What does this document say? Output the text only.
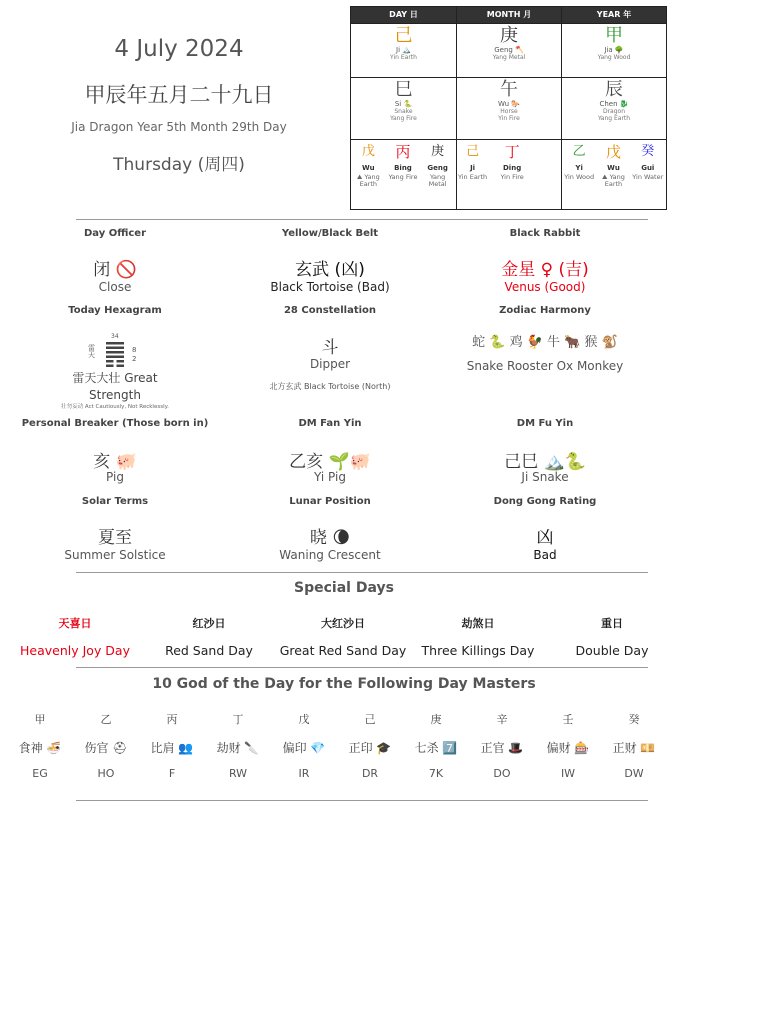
4 July 2024
甲辰年五月二十九日
Jia Dragon Year 5th Month 29th Day
Thursday (周四)
DAY 日
己
Ji 🏔️
Yin Earth
巳
Si 🐍
Snake
Yang Fire
戊
Wu
⛰ Yang Earth
丙
Bing
Yang Fire
庚
Geng
Yang Metal
MONTH 月
庚
Geng 🪓
Yang Metal
午
Wu 🐎
Horse
Yin Fire
己
Ji
Yin Earth
丁
Ding
Yin Fire
YEAR 年
甲
Jia 🌳
Yang Wood
辰
Chen 🐉
Dragon
Yang Earth
乙
Yi
Yin Wood
戊
Wu
⛰ Yang Earth
癸
Gui
Yin Water
Day Officer
闭 🚫
Close
Yellow/Black Belt
玄武 (凶)
Black Tortoise (Bad)
Black Rabbit
金星 ♀ (吉)
Venus (Good)
Today Hexagram
34
雷天
8
2
雷天大壮 Great Strength
壮勿妄动 Act Cautiously, Not Recklessly.
28 Constellation
斗
Dipper
北方玄武 Black Tortoise (North)
Zodiac Harmony
蛇 🐍 鸡 🐓 牛 🐂 猴 🐒
Snake Rooster Ox Monkey
Personal Breaker (Those born in)
亥 🐖
Pig
DM Fan Yin
乙亥 🌱🐖
Yi Pig
DM Fu Yin
己巳 🏔️🐍
Ji Snake
Solar Terms
夏至
Summer Solstice
Lunar Position
晓 🌘
Waning Crescent
Dong Gong Rating
凶
Bad
Special Days
天喜日
Heavenly Joy Day
红沙日
Red Sand Day
大红沙日
Great Red Sand Day
劫煞日
Three Killings Day
重日
Double Day
10 God of the Day for the Following Day Masters
甲
食神 🍜
EG
乙
伤官 ⛑
HO
丙
比肩 👥
F
丁
劫财 🔪
RW
戊
偏印 💎
IR
己
正印 🎓
DR
庚
七杀 7️⃣
7K
辛
正官 🎩
DO
壬
偏财 🎰
IW
癸
正财 💴
DW
